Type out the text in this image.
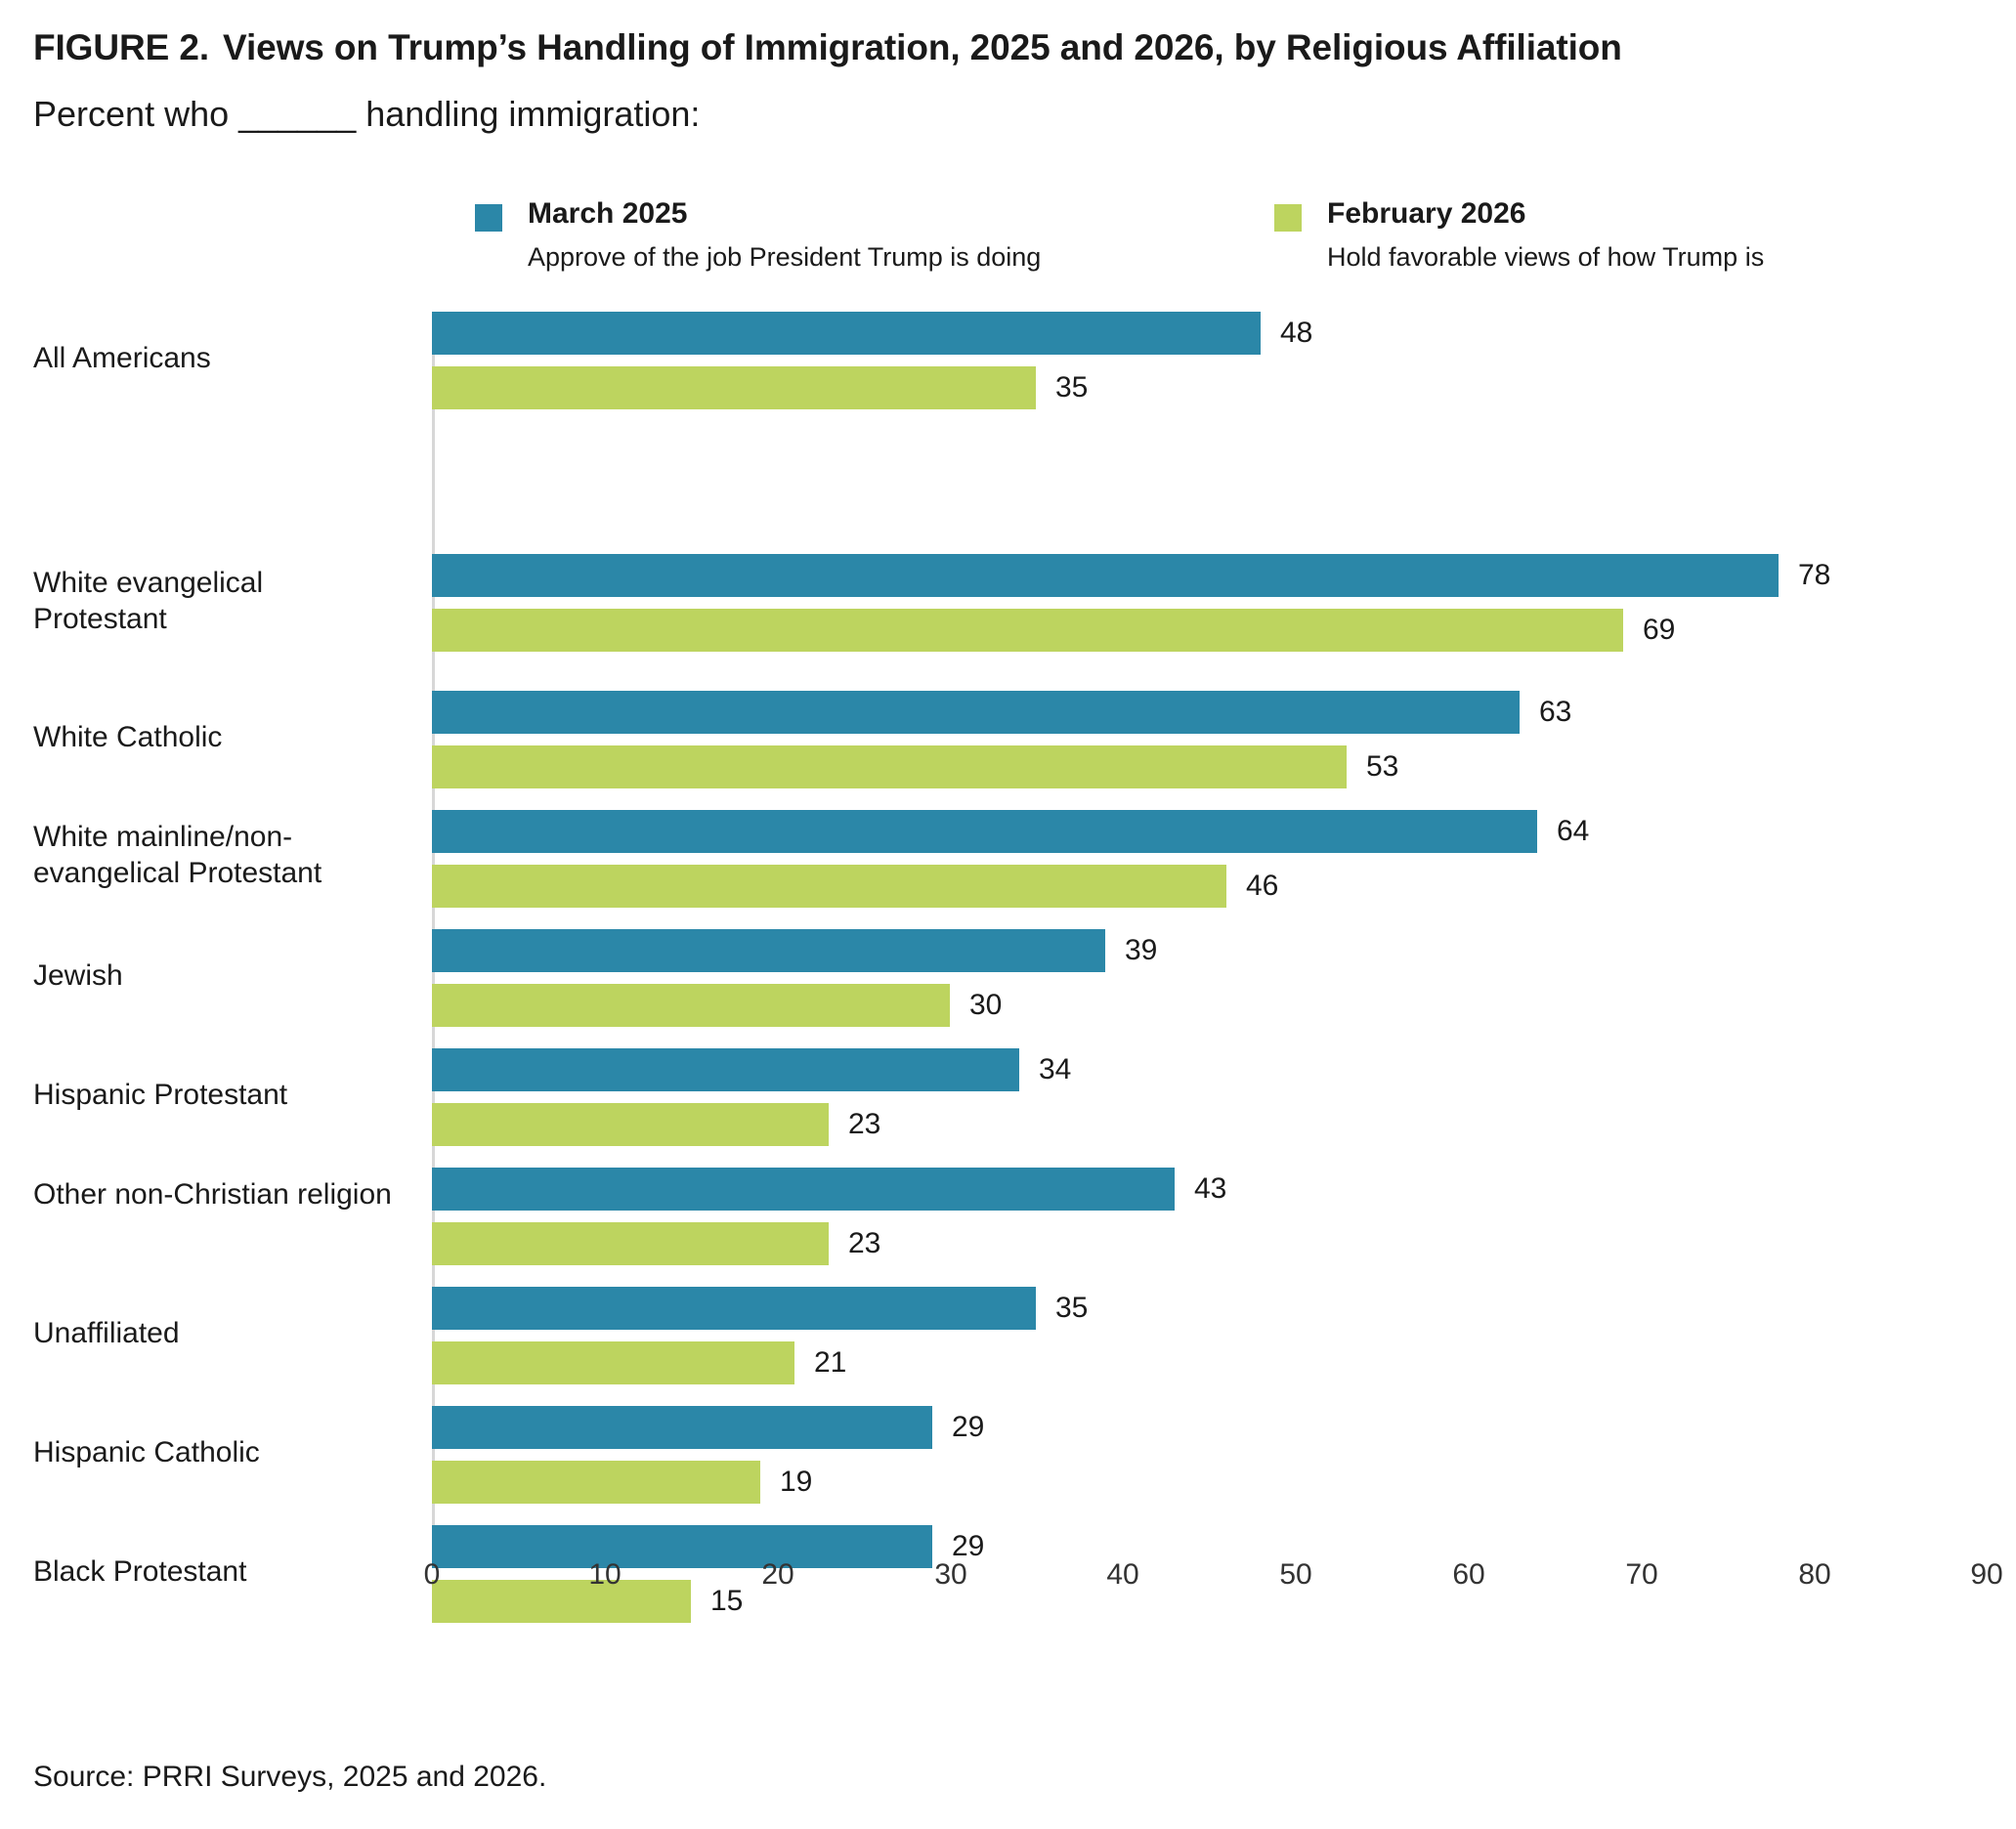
FIGURE 2. Views on Trump’s Handling of Immigration, 2025 and 2026, by Religious Affiliation
Percent who ______ handling immigration:
March 2025
Approve of the job President Trump is doing
February 2026
Hold favorable views of how Trump is
All Americans
48
35
White evangelical Protestant
78
69
White Catholic
63
53
White mainline/non-evangelical Protestant
64
46
Jewish
39
30
Hispanic Protestant
34
23
Other non-Christian religion	43
23
Unaffiliated
35
21
Hispanic Catholic
29
19
Black Protestant
29
15
0	10	20	30	40	50	60	70	80	90
Source: PRRI Surveys, 2025 and 2026.
